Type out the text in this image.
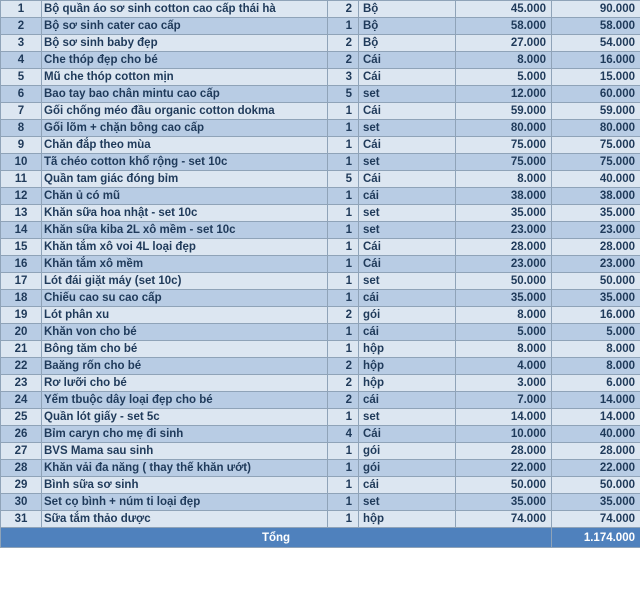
1	Bộ quần áo sơ sinh cotton cao cấp thái hà	2	Bộ	45.000	90.000
2	Bộ sơ sinh cater cao cấp	1	Bộ	58.000	58.000
3	Bộ sơ sinh baby đẹp	2	Bộ	27.000	54.000
4	Che thóp đẹp cho bé	2	Cái	8.000	16.000
5	Mũ che thóp cotton mịn	3	Cái	5.000	15.000
6	Bao tay bao chân mintu cao cấp	5	set	12.000	60.000
7	Gối chống méo đầu organic cotton dokma	1	Cái	59.000	59.000
8	Gối lõm + chặn bông cao cấp	1	set	80.000	80.000
9	Chăn đắp theo mùa	1	Cái	75.000	75.000
10	Tã chéo cotton khổ rộng - set 10c	1	set	75.000	75.000
11	Quần tam giác đóng bỉm	5	Cái	8.000	40.000
12	Chăn ủ có mũ	1	cái	38.000	38.000
13	Khăn sữa hoa nhật - set 10c	1	set	35.000	35.000
14	Khăn sữa kiba 2L xô mềm - set 10c	1	set	23.000	23.000
15	Khăn tắm xô voi 4L loại đẹp	1	Cái	28.000	28.000
16	Khăn tắm xô mềm	1	Cái	23.000	23.000
17	Lót đái giặt máy (set 10c)	1	set	50.000	50.000
18	Chiếu cao su cao cấp	1	cái	35.000	35.000
19	Lót phân xu	2	gói	8.000	16.000
20	Khăn von cho bé	1	cái	5.000	5.000
21	Bông tăm cho bé	1	hộp	8.000	8.000
22	Baăng rốn cho bé	2	hộp	4.000	8.000
23	Rơ lưỡi cho bé	2	hộp	3.000	6.000
24	Yếm tbuộc dây loại đẹp cho bé	2	cái	7.000	14.000
25	Quần lót giấy - set 5c	1	set	14.000	14.000
26	Bỉm caryn cho mẹ đi sinh	4	Cái	10.000	40.000
27	BVS Mama sau sinh	1	gói	28.000	28.000
28	Khăn vải đa năng ( thay thế khăn ướt)	1	gói	22.000	22.000
29	Bình sữa sơ sinh	1	cái	50.000	50.000
30	Set cọ bình + núm ti loại đẹp	1	set	35.000	35.000
31	Sữa tắm thảo dược	1	hộp	74.000	74.000
Tổng					1.174.000
